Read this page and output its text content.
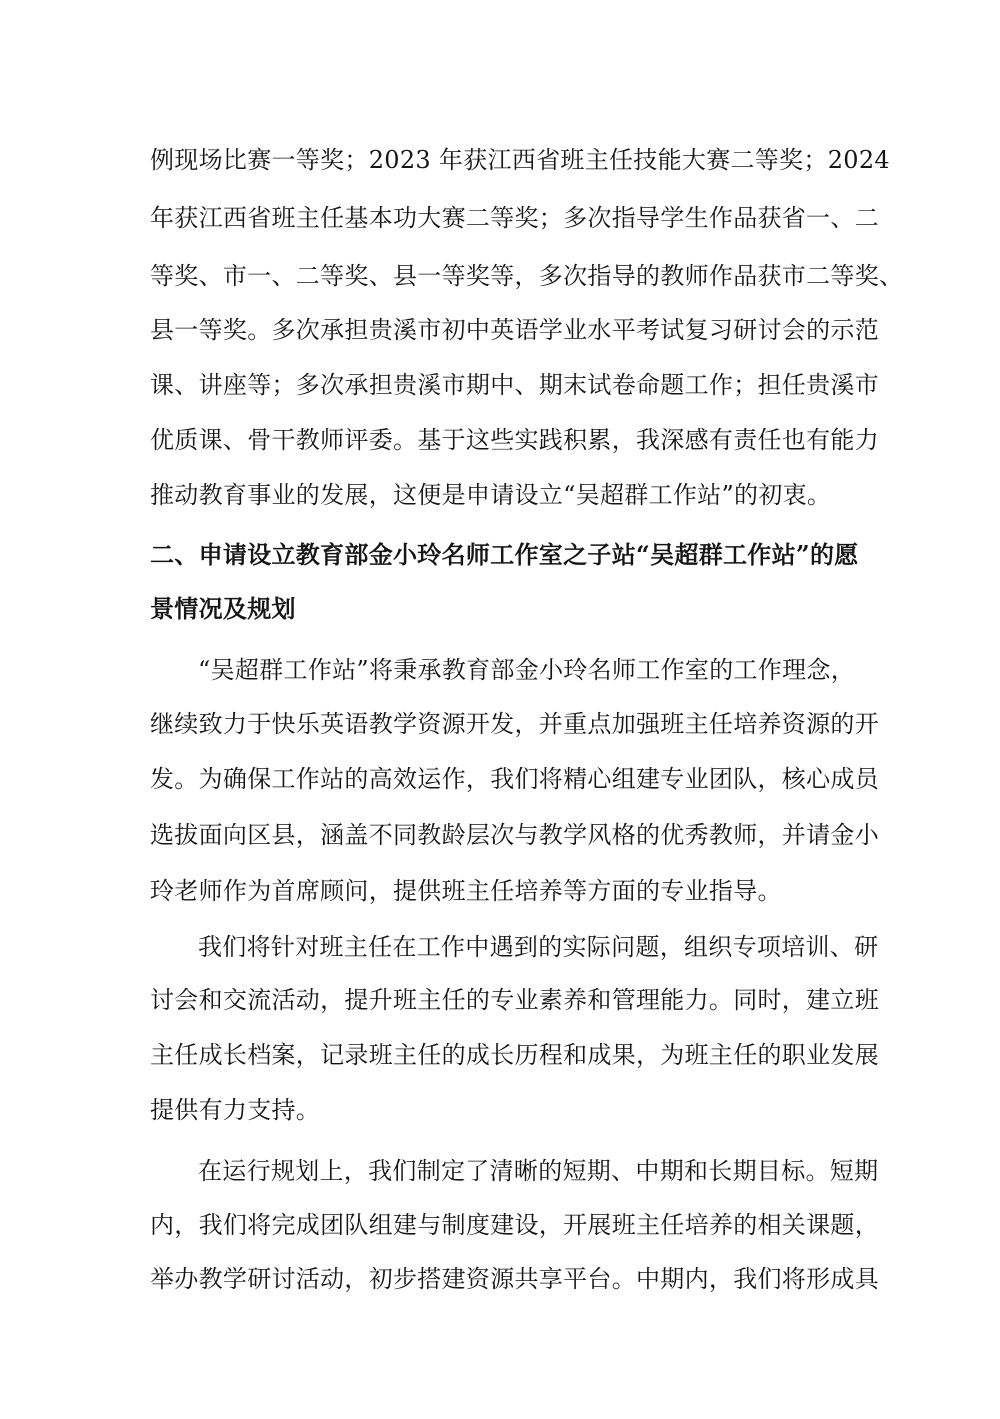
例现场比赛一等奖；2023 年获江西省班主任技能大赛二等奖；2024
年获江西省班主任基本功大赛二等奖；多次指导学生作品获省一、二
等奖、市一、二等奖、县一等奖等，多次指导的教师作品获市二等奖、
县一等奖。多次承担贵溪市初中英语学业水平考试复习研讨会的示范
课、讲座等；多次承担贵溪市期中、期末试卷命题工作；担任贵溪市
优质课、骨干教师评委。基于这些实践积累，我深感有责任也有能力
推动教育事业的发展，这便是申请设立“吴超群工作站”的初衷。
二、申请设立教育部金小玲名师工作室之子站“吴超群工作站”的愿
景情况及规划
“吴超群工作站”将秉承教育部金小玲名师工作室的工作理念，
继续致力于快乐英语教学资源开发，并重点加强班主任培养资源的开
发。为确保工作站的高效运作，我们将精心组建专业团队，核心成员
选拔面向区县，涵盖不同教龄层次与教学风格的优秀教师，并请金小
玲老师作为首席顾问，提供班主任培养等方面的专业指导。
我们将针对班主任在工作中遇到的实际问题，组织专项培训、研
讨会和交流活动，提升班主任的专业素养和管理能力。同时，建立班
主任成长档案，记录班主任的成长历程和成果，为班主任的职业发展
提供有力支持。
在运行规划上，我们制定了清晰的短期、中期和长期目标。短期
内，我们将完成团队组建与制度建设，开展班主任培养的相关课题，
举办教学研讨活动，初步搭建资源共享平台。中期内，我们将形成具
